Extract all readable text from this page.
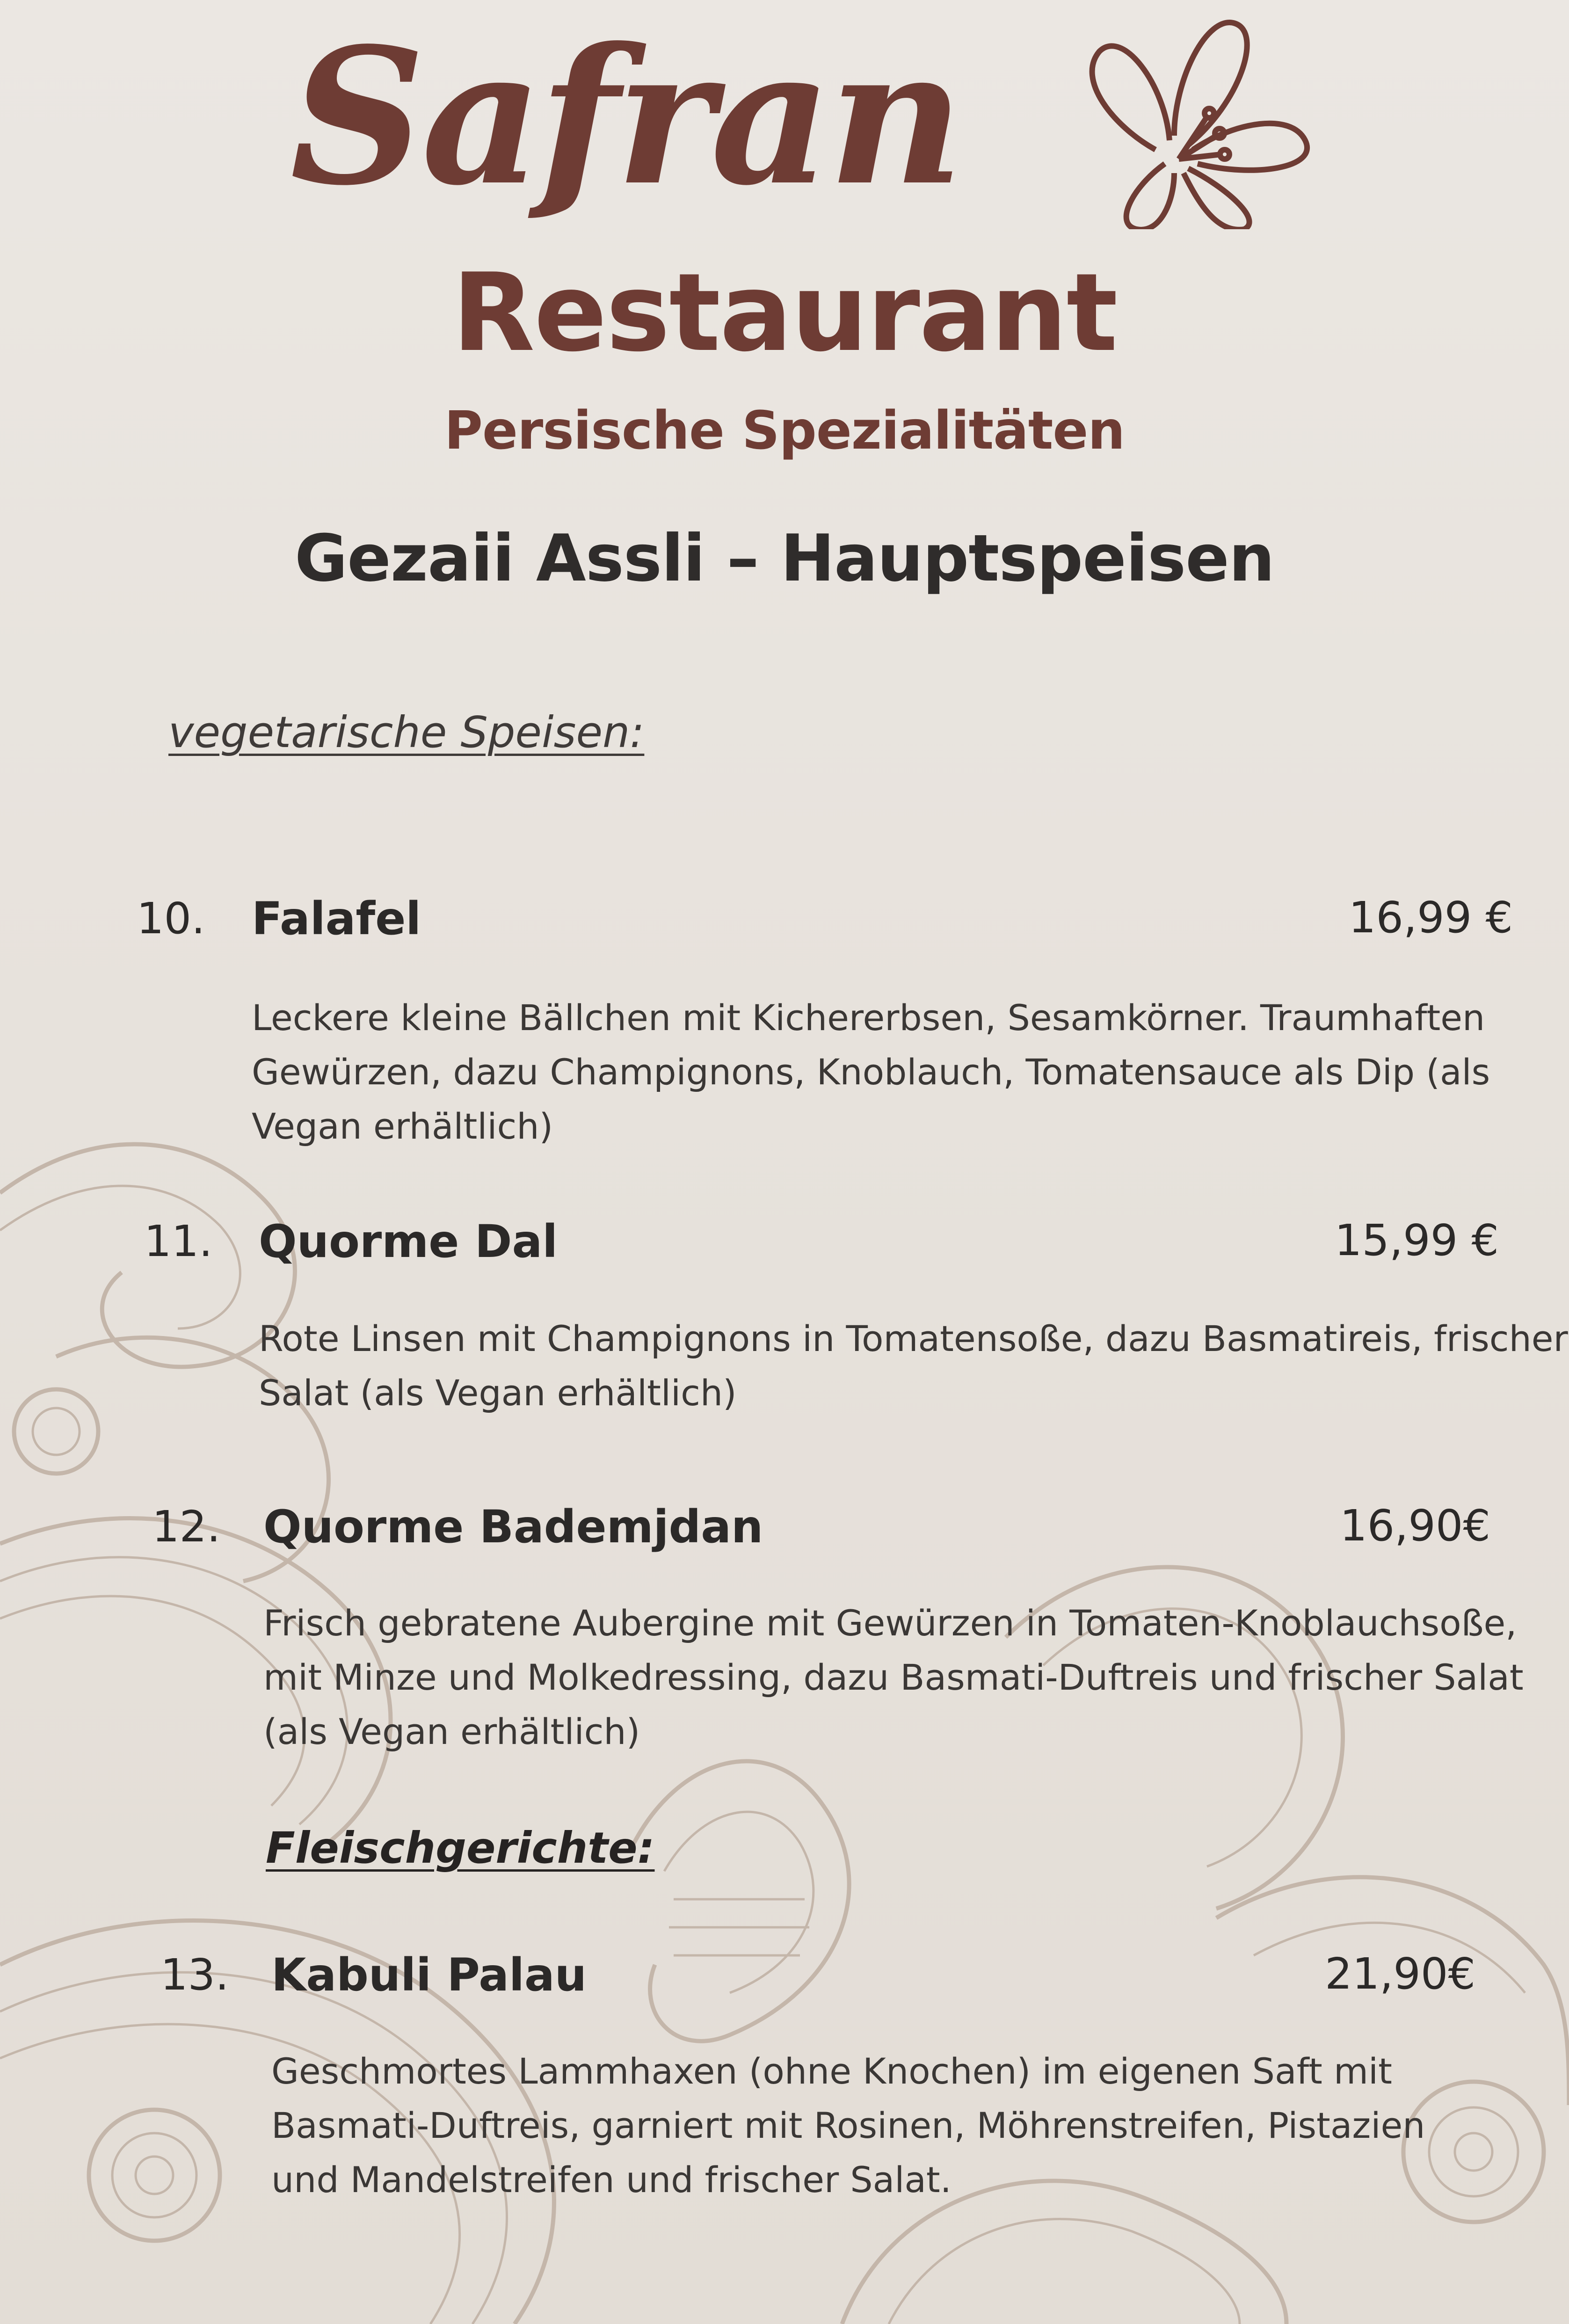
Safran
Restaurant
Persische Spezialitäten
Gezaii Assli – Hauptspeisen
vegetarische Speisen:
10. Falafel	16,99 €
Leckere kleine Bällchen mit Kichererbsen, Sesamkörner. Traumhaften
Gewürzen, dazu Champignons, Knoblauch, Tomatensauce als Dip (als
Vegan erhältlich)
11. Quorme Dal	15,99 €
Rote Linsen mit Champignons in Tomatensoße, dazu Basmatireis, frischer
Salat (als Vegan erhältlich)
12. Quorme Bademjdan	16,90€
Frisch gebratene Aubergine mit Gewürzen in Tomaten-Knoblauchsoße,
mit Minze und Molkedressing, dazu Basmati-Duftreis und frischer Salat
(als Vegan erhältlich)
Fleischgerichte:
13. Kabuli Palau	21,90€
Geschmortes Lammhaxen (ohne Knochen) im eigenen Saft mit
Basmati-Duftreis, garniert mit Rosinen, Möhrenstreifen, Pistazien
und Mandelstreifen und frischer Salat.
